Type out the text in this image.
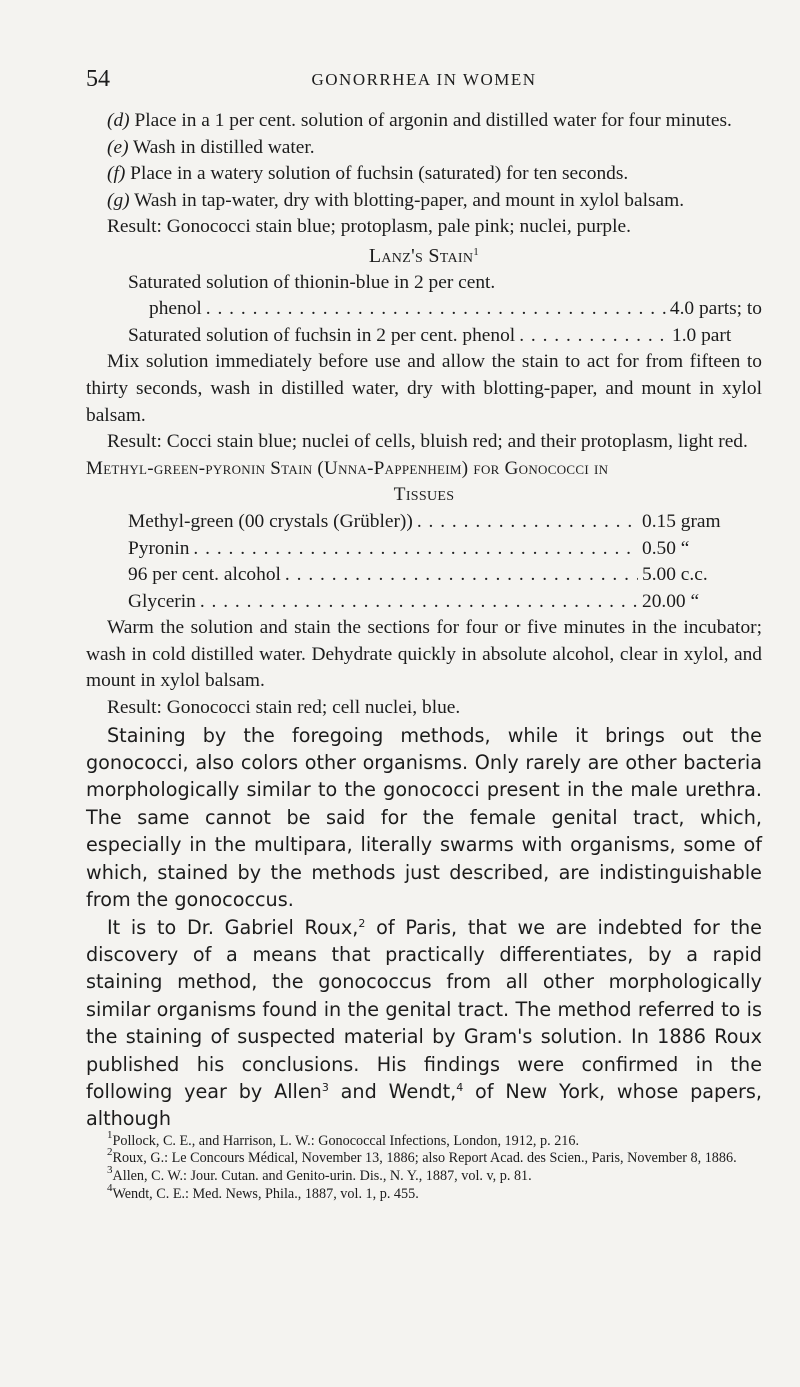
54	GONORRHEA IN WOMEN

(d) Place in a 1 per cent. solution of argonin and distilled water for four minutes.

(e) Wash in distilled water.

(f) Place in a watery solution of fuchsin (saturated) for ten seconds.

(g) Wash in tap-water, dry with blotting-paper, and mount in xylol balsam.

Result: Gonococci stain blue; protoplasm, pale pink; nuclei, purple.

Lanz's Stain$^1$

Saturated solution of thionin-blue in 2 per cent.
phenol . . .	4.0 parts; to
Saturated solution of fuchsin in 2 per cent. phenol . . .	1.0 part

Mix solution immediately before use and allow the stain to act for from fifteen to thirty seconds, wash in distilled water, dry with blotting-paper, and mount in xylol balsam.

Result: Cocci stain blue; nuclei of cells, bluish red; and their protoplasm, light red.

Methyl-green-pyronin Stain (Unna-Pappenheim) for Gonococci in

Tissues

Methyl-green (00 crystals (Grübler)) . . .	0.15 gram
Pyronin . . .	0.50 “
96 per cent. alcohol . . .	5.00 c.c.
Glycerin . . .	20.00 “

Warm the solution and stain the sections for four or five minutes in the incubator; wash in cold distilled water. Dehydrate quickly in absolute alcohol, clear in xylol, and mount in xylol balsam.

Result: Gonococci stain red; cell nuclei, blue.

Staining by the foregoing methods, while it brings out the gonococci, also colors other organisms. Only rarely are other bacteria morphologically similar to the gonococci present in the male urethra. The same cannot be said for the female genital tract, which, especially in the multipara, literally swarms with organisms, some of which, stained by the methods just described, are indistinguishable from the gonococcus.

It is to Dr. Gabriel Roux,$^2$ of Paris, that we are indebted for the discovery of a means that practically differentiates, by a rapid staining method, the gonococcus from all other morphologically similar organisms found in the genital tract. The method referred to is the staining of suspected material by Gram's solution. In 1886 Roux published his conclusions. His findings were confirmed in the following year by Allen$^3$ and Wendt,$^4$ of New York, whose papers, although

$^1$Pollock, C. E., and Harrison, L. W.: Gonococcal Infections, London, 1912, p. 216.

$^2$Roux, G.: Le Concours Médical, November 13, 1886; also Report Acad. des Scien., Paris, November 8, 1886.

$^3$Allen, C. W.: Jour. Cutan. and Genito-urin. Dis., N. Y., 1887, vol. v, p. 81.

$^4$Wendt, C. E.: Med. News, Phila., 1887, vol. 1, p. 455.
